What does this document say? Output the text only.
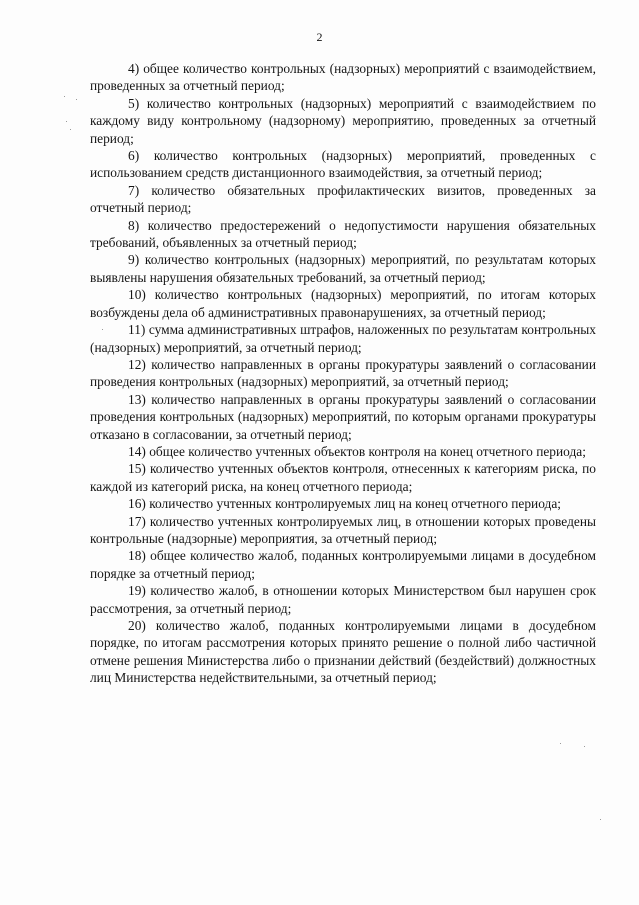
2

4) общее количество контрольных (надзорных) мероприятий с взаимодействием, проведенных за отчетный период;

5) количество контрольных (надзорных) мероприятий с взаимодействием по каждому виду контрольному (надзорному) мероприятию, проведенных за отчетный период;

6) количество контрольных (надзорных) мероприятий, проведенных с использованием средств дистанционного взаимодействия, за отчетный период;

7) количество обязательных профилактических визитов, проведенных за отчетный период;

8) количество предостережений о недопустимости нарушения обязательных требований, объявленных за отчетный период;

9) количество контрольных (надзорных) мероприятий, по результатам которых выявлены нарушения обязательных требований, за отчетный период;

10) количество контрольных (надзорных) мероприятий, по итогам которых возбуждены дела об административных правонарушениях, за отчетный период;

11) сумма административных штрафов, наложенных по результатам контрольных (надзорных) мероприятий, за отчетный период;

12) количество направленных в органы прокуратуры заявлений о согласовании проведения контрольных (надзорных) мероприятий, за отчетный период;

13) количество направленных в органы прокуратуры заявлений о согласовании проведения контрольных (надзорных) мероприятий, по которым органами прокуратуры отказано в согласовании, за отчетный период;

14) общее количество учтенных объектов контроля на конец отчетного периода;

15) количество учтенных объектов контроля, отнесенных к категориям риска, по каждой из категорий риска, на конец отчетного периода;

16) количество учтенных контролируемых лиц на конец отчетного периода;

17) количество учтенных контролируемых лиц, в отношении которых проведены контрольные (надзорные) мероприятия, за отчетный период;

18) общее количество жалоб, поданных контролируемыми лицами в досудебном порядке за отчетный период;

19) количество жалоб, в отношении которых Министерством был нарушен срок рассмотрения, за отчетный период;

20) количество жалоб, поданных контролируемыми лицами в досудебном порядке, по итогам рассмотрения которых принято решение о полной либо частичной отмене решения Министерства либо о признании действий (бездействий) должностных лиц Министерства недействительными, за отчетный период;
